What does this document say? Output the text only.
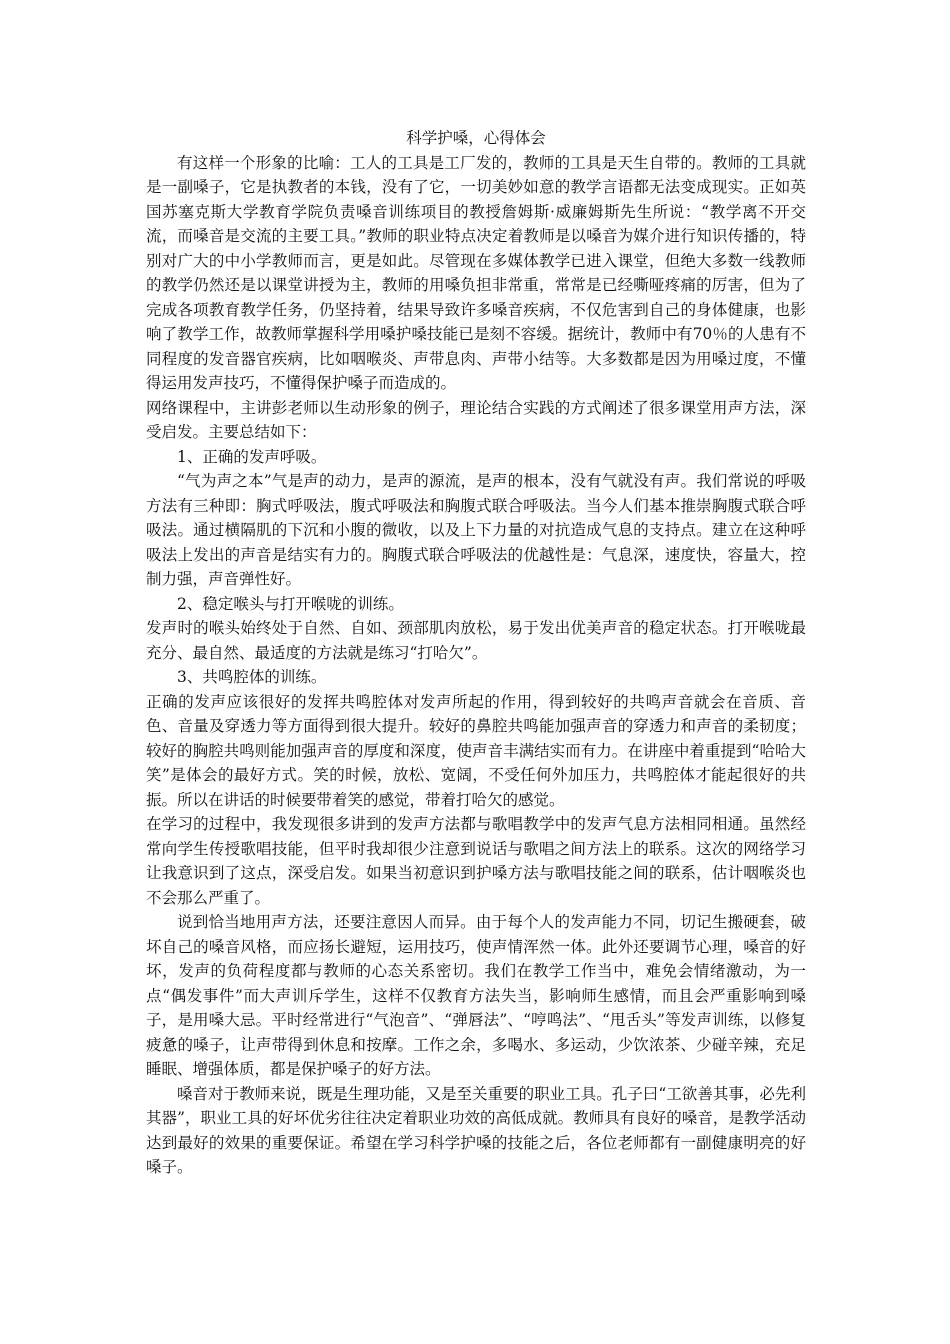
科学护嗓，心得体会

有这样一个形象的比喻：工人的工具是工厂发的，教师的工具是天生自带的。教师的工具就是一副嗓子，它是执教者的本钱，没有了它，一切美妙如意的教学言语都无法变成现实。正如英国苏塞克斯大学教育学院负责嗓音训练项目的教授詹姆斯·威廉姆斯先生所说：“教学离不开交流，而嗓音是交流的主要工具。”教师的职业特点决定着教师是以嗓音为媒介进行知识传播的，特别对广大的中小学教师而言，更是如此。尽管现在多媒体教学已进入课堂，但绝大多数一线教师的教学仍然还是以课堂讲授为主，教师的用嗓负担非常重，常常是已经嘶哑疼痛的厉害，但为了完成各项教育教学任务，仍坚持着，结果导致许多嗓音疾病，不仅危害到自己的身体健康，也影响了教学工作，故教师掌握科学用嗓护嗓技能已是刻不容缓。据统计，教师中有70％的人患有不同程度的发音器官疾病，比如咽喉炎、声带息肉、声带小结等。大多数都是因为用嗓过度，不懂得运用发声技巧，不懂得保护嗓子而造成的。

网络课程中，主讲彭老师以生动形象的例子，理论结合实践的方式阐述了很多课堂用声方法，深受启发。主要总结如下：

1、正确的发声呼吸。

“气为声之本”气是声的动力，是声的源流，是声的根本，没有气就没有声。我们常说的呼吸方法有三种即：胸式呼吸法，腹式呼吸法和胸腹式联合呼吸法。当今人们基本推崇胸腹式联合呼吸法。通过横隔肌的下沉和小腹的微收，以及上下力量的对抗造成气息的支持点。建立在这种呼吸法上发出的声音是结实有力的。胸腹式联合呼吸法的优越性是：气息深，速度快，容量大，控制力强，声音弹性好。

2、稳定喉头与打开喉咙的训练。

发声时的喉头始终处于自然、自如、颈部肌肉放松，易于发出优美声音的稳定状态。打开喉咙最充分、最自然、最适度的方法就是练习“打哈欠”。

3、共鸣腔体的训练。

正确的发声应该很好的发挥共鸣腔体对发声所起的作用，得到较好的共鸣声音就会在音质、音色、音量及穿透力等方面得到很大提升。较好的鼻腔共鸣能加强声音的穿透力和声音的柔韧度；较好的胸腔共鸣则能加强声音的厚度和深度，使声音丰满结实而有力。在讲座中着重提到“哈哈大笑”是体会的最好方式。笑的时候，放松、宽阔，不受任何外加压力，共鸣腔体才能起很好的共振。所以在讲话的时候要带着笑的感觉，带着打哈欠的感觉。

在学习的过程中，我发现很多讲到的发声方法都与歌唱教学中的发声气息方法相同相通。虽然经常向学生传授歌唱技能，但平时我却很少注意到说话与歌唱之间方法上的联系。这次的网络学习让我意识到了这点，深受启发。如果当初意识到护嗓方法与歌唱技能之间的联系，估计咽喉炎也不会那么严重了。

说到恰当地用声方法，还要注意因人而异。由于每个人的发声能力不同，切记生搬硬套，破坏自己的嗓音风格，而应扬长避短，运用技巧，使声情浑然一体。此外还要调节心理，嗓音的好坏，发声的负荷程度都与教师的心态关系密切。我们在教学工作当中，难免会情绪激动，为一点“偶发事件”而大声训斥学生，这样不仅教育方法失当，影响师生感情，而且会严重影响到嗓子，是用嗓大忌。平时经常进行“气泡音”、“弹唇法”、“哼鸣法”、“甩舌头”等发声训练，以修复疲惫的嗓子，让声带得到休息和按摩。工作之余，多喝水、多运动，少饮浓茶、少碰辛辣，充足睡眠、增强体质，都是保护嗓子的好方法。

嗓音对于教师来说，既是生理功能，又是至关重要的职业工具。孔子曰“工欲善其事，必先利其器”，职业工具的好坏优劣往往决定着职业功效的高低成就。教师具有良好的嗓音，是教学活动达到最好的效果的重要保证。希望在学习科学护嗓的技能之后，各位老师都有一副健康明亮的好嗓子。
